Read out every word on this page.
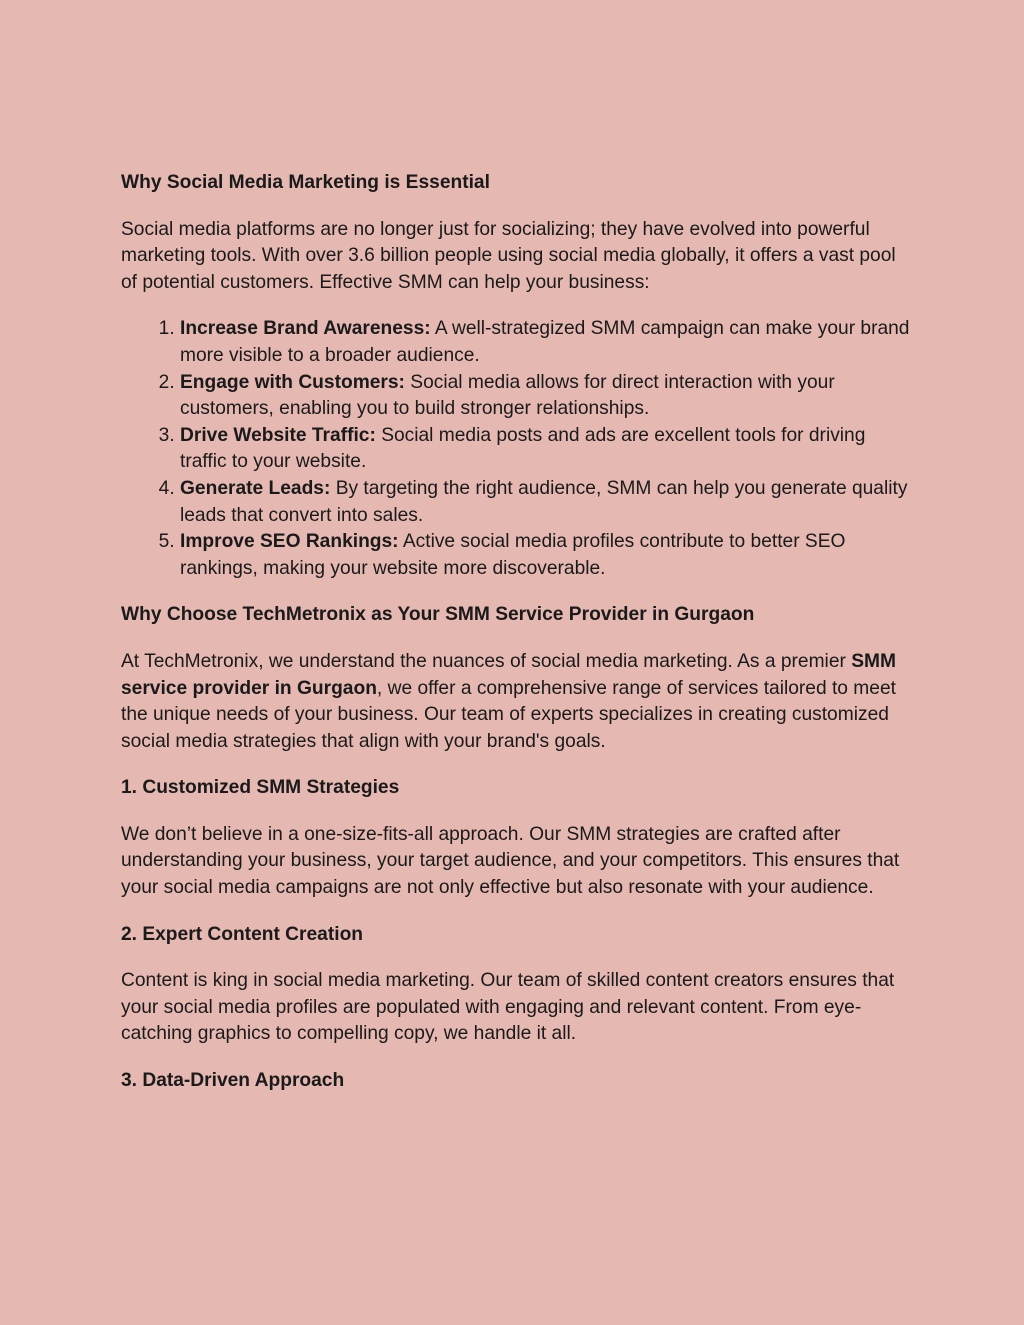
Why Social Media Marketing is Essential

Social media platforms are no longer just for socializing; they have evolved into powerful marketing tools. With over 3.6 billion people using social media globally, it offers a vast pool of potential customers. Effective SMM can help your business:

1. Increase Brand Awareness: A well-strategized SMM campaign can make your brand more visible to a broader audience.
2. Engage with Customers: Social media allows for direct interaction with your customers, enabling you to build stronger relationships.
3. Drive Website Traffic: Social media posts and ads are excellent tools for driving traffic to your website.
4. Generate Leads: By targeting the right audience, SMM can help you generate quality leads that convert into sales.
5. Improve SEO Rankings: Active social media profiles contribute to better SEO rankings, making your website more discoverable.
Why Choose TechMetronix as Your SMM Service Provider in Gurgaon

At TechMetronix, we understand the nuances of social media marketing. As a premier SMM service provider in Gurgaon, we offer a comprehensive range of services tailored to meet the unique needs of your business. Our team of experts specializes in creating customized social media strategies that align with your brand's goals.

1. Customized SMM Strategies

We don’t believe in a one-size-fits-all approach. Our SMM strategies are crafted after understanding your business, your target audience, and your competitors. This ensures that your social media campaigns are not only effective but also resonate with your audience.

2. Expert Content Creation

Content is king in social media marketing. Our team of skilled content creators ensures that your social media profiles are populated with engaging and relevant content. From eye-catching graphics to compelling copy, we handle it all.

3. Data-Driven Approach
